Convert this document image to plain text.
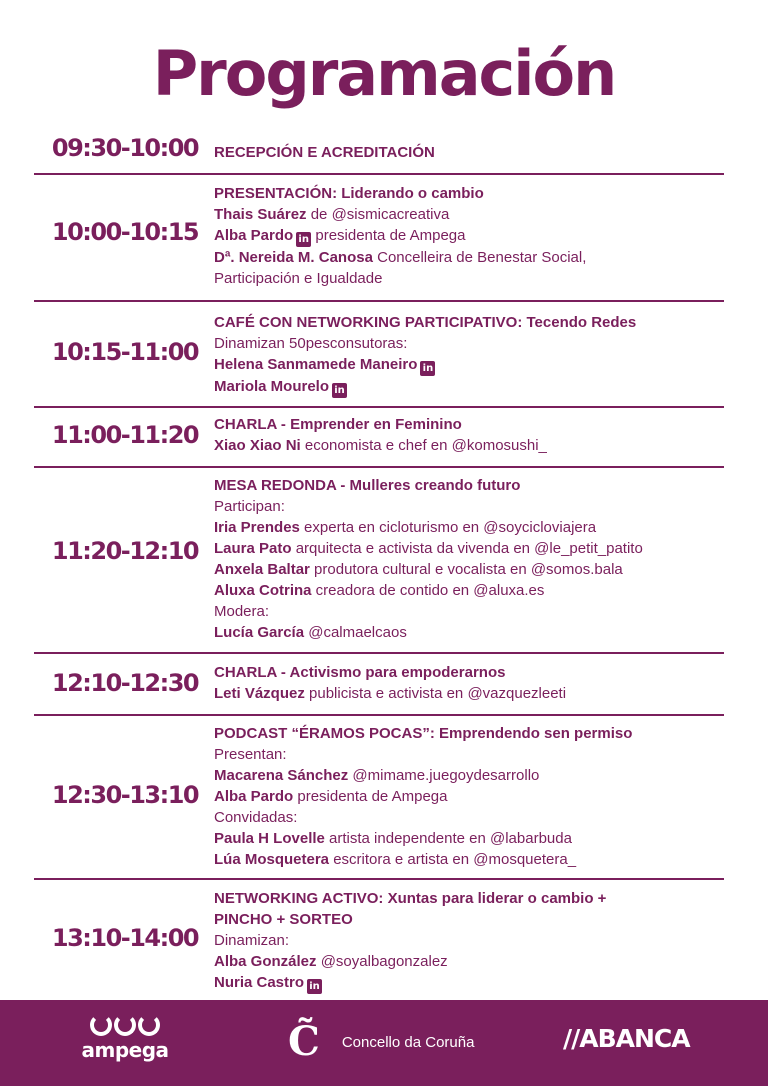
Programación
09:30-10:00	RECEPCIÓN E ACREDITACIÓN
10:00-10:15
PRESENTACIÓN: Liderando o cambio
Thais Suárez de @sismicacreativa
Alba Pardo in presidenta de Ampega
Dª. Nereida M. Canosa Concelleira de Benestar Social,
Participación e Igualdade
10:15-11:00
CAFÉ CON NETWORKING PARTICIPATIVO: Tecendo Redes
Dinamizan 50pesconsutoras:
Helena Sanmamede Maneiro in
Mariola Mourelo in
11:00-11:20	CHARLA - Emprender en Feminino
Xiao Xiao Ni economista e chef en @komosushi_
11:20-12:10
MESA REDONDA - Mulleres creando futuro
Participan:
Iria Prendes experta en cicloturismo en @soycicloviajera
Laura Pato arquitecta e activista da vivenda en @le_petit_patito
Anxela Baltar produtora cultural e vocalista en @somos.bala
Aluxa Cotrina creadora de contido en @aluxa.es
Modera:
Lucía García @calmaelcaos
12:10-12:30	CHARLA - Activismo para empoderarnos
Leti Vázquez publicista e activista en @vazquezleeti
12:30-13:10
PODCAST “ÉRAMOS POCAS”: Emprendendo sen permiso
Presentan:
Macarena Sánchez @mimame.juegoydesarrollo
Alba Pardo presidenta de Ampega
Convidadas:
Paula H Lovelle artista independente en @labarbuda
Lúa Mosquetera escritora e artista en @mosquetera_
13:10-14:00
NETWORKING ACTIVO: Xuntas para liderar o cambio +
PINCHO + SORTEO
Dinamizan:
Alba González @soyalbagonzalez
Nuria Castro in
ampega	C̃ Concello da Coruña	//ABANCA
